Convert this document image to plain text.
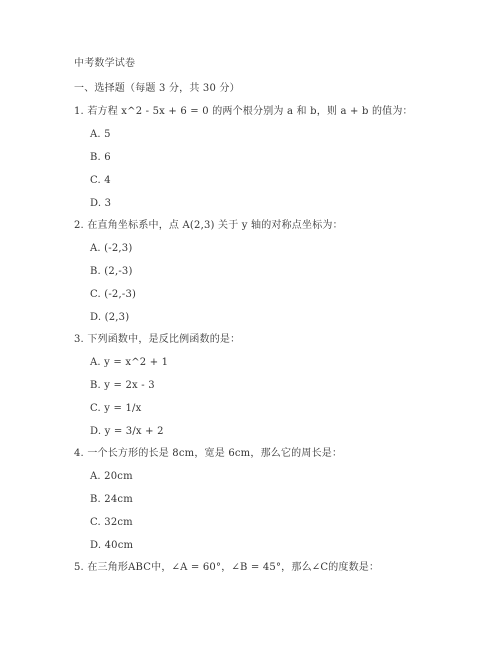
中考数学试卷
一、选择题（每题 3 分，共 30 分）
1. 若方程 x^2 - 5x + 6 = 0 的两个根分别为 a 和 b，则 a + b 的值为：
A. 5
B. 6
C. 4
D. 3
2. 在直角坐标系中，点 A(2,3) 关于 y 轴的对称点坐标为：
A. (-2,3)
B. (2,-3)
C. (-2,-3)
D. (2,3)
3. 下列函数中，是反比例函数的是：
A. y = x^2 + 1
B. y = 2x - 3
C. y = 1/x
D. y = 3/x + 2
4. 一个长方形的长是 8cm，宽是 6cm，那么它的周长是：
A. 20cm
B. 24cm
C. 32cm
D. 40cm
5. 在三角形ABC中，∠A = 60°，∠B = 45°，那么∠C的度数是：
